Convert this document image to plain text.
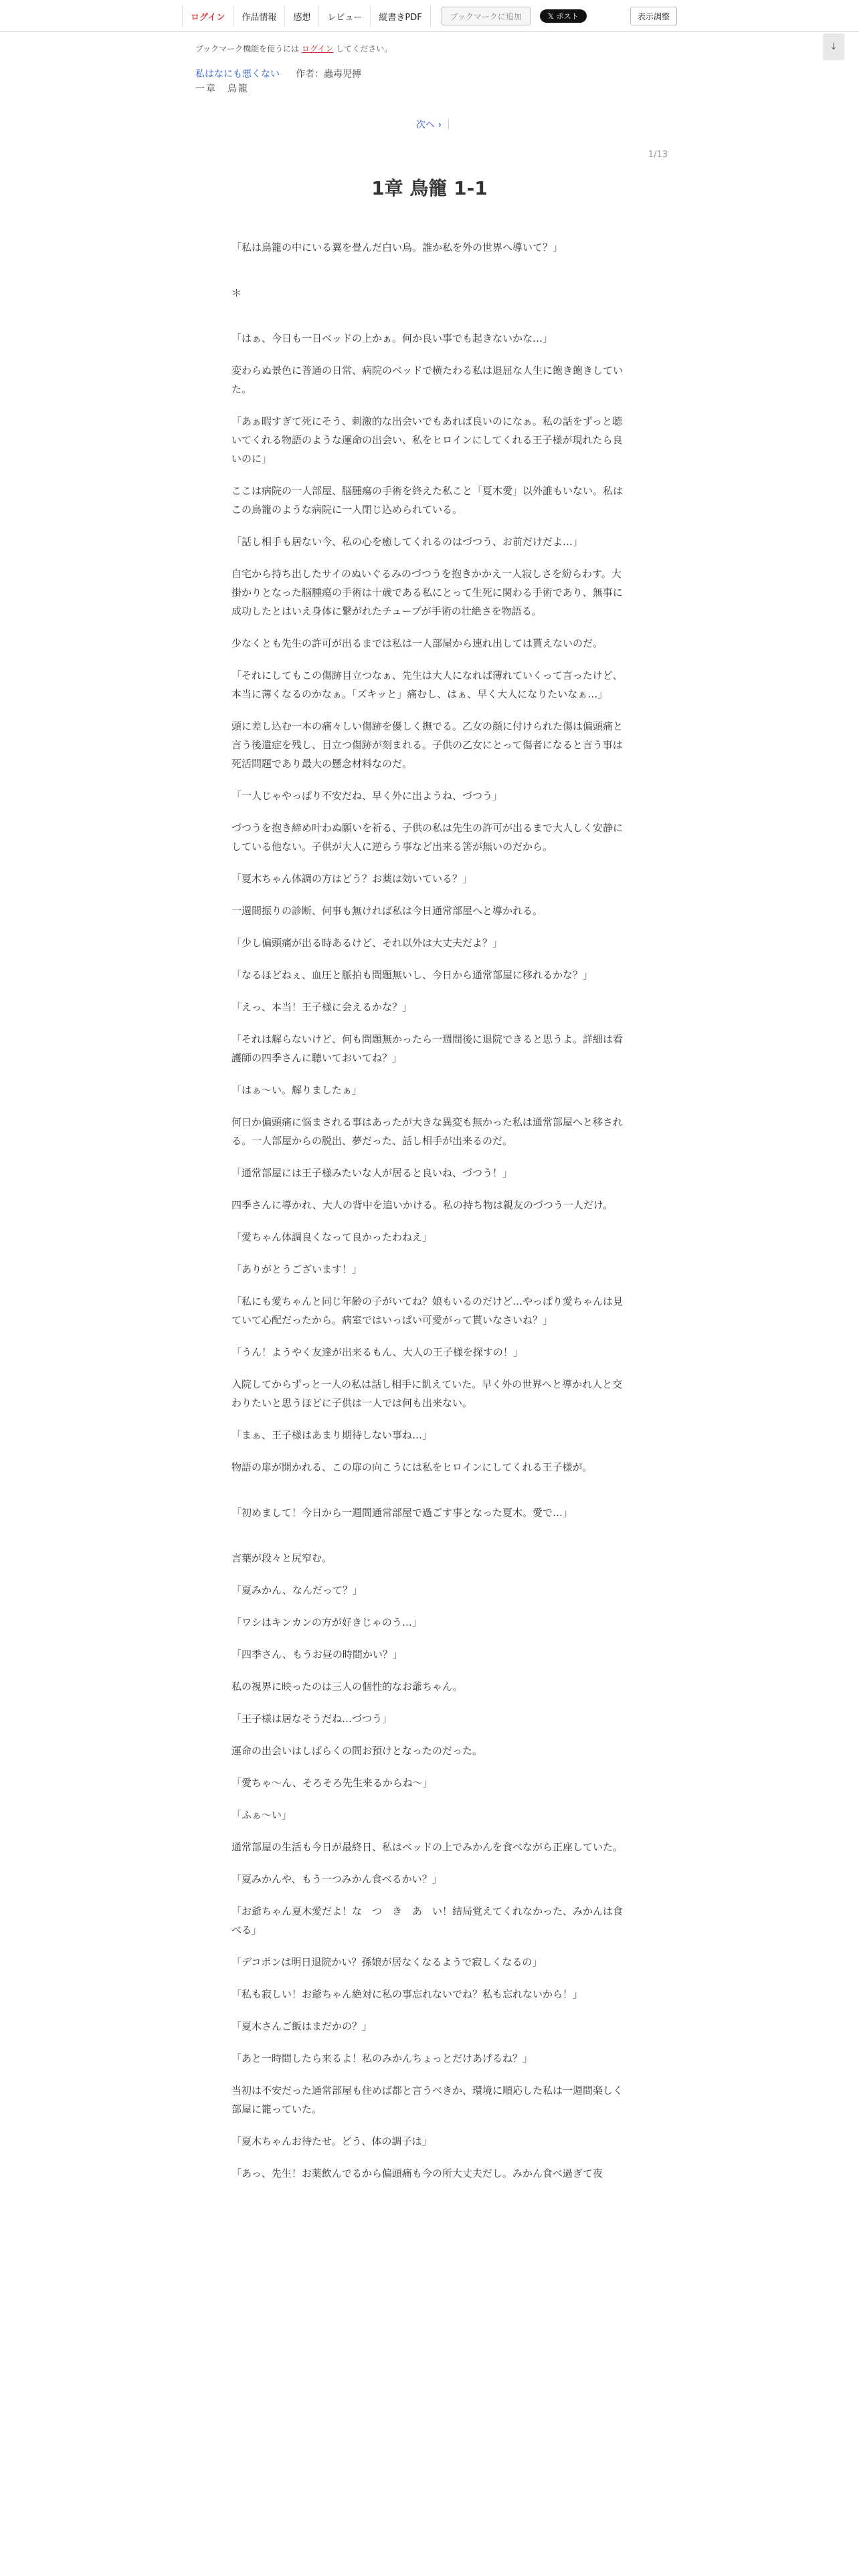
ログイン	作品情報	感想	レビュー	縦書きPDF	ブックマークに追加	𝕏 ポスト	表示調整
↓
ブックマーク機能を使うには ログイン してください。
私はなにも悪くない 作者：蟲毒児搏
一章　鳥籠
次へ ›
1/13
1章 鳥籠 1-1

「私は鳥籠の中にいる翼を畳んだ白い鳥。誰か私を外の世界へ導いて？」

＊

「はぁ、今日も一日ベッドの上かぁ。何か良い事でも起きないかな…」

変わらぬ景色に普通の日常、病院のベッドで横たわる私は退屈な人生に飽き飽きしていた。

「あぁ暇すぎて死にそう、刺激的な出会いでもあれば良いのになぁ。私の話をずっと聴いてくれる物語のような運命の出会い、私をヒロインにしてくれる王子様が現れたら良いのに」

ここは病院の一人部屋、脳腫瘍の手術を終えた私こと「夏木愛」以外誰もいない。私はこの鳥籠のような病院に一人閉じ込められている。

「話し相手も居ない今、私の心を癒してくれるのはづつう、お前だけだよ…」

自宅から持ち出したサイのぬいぐるみのづつうを抱きかかえ一人寂しさを紛らわす。大掛かりとなった脳腫瘍の手術は十歳である私にとって生死に関わる手術であり、無事に成功したとはいえ身体に繋がれたチューブが手術の壮絶さを物語る。

少なくとも先生の許可が出るまでは私は一人部屋から連れ出しては貰えないのだ。

「それにしてもこの傷跡目立つなぁ、先生は大人になれば薄れていくって言ったけど、本当に薄くなるのかなぁ。「ズキッと」痛むし、はぁ、早く大人になりたいなぁ…」

頭に差し込む一本の痛々しい傷跡を優しく撫でる。乙女の顔に付けられた傷は偏頭痛と言う後遺症を残し、目立つ傷跡が刻まれる。子供の乙女にとって傷者になると言う事は死活問題であり最大の懸念材料なのだ。

「一人じゃやっぱり不安だね、早く外に出ようね、づつう」

づつうを抱き締め叶わぬ願いを祈る、子供の私は先生の許可が出るまで大人しく安静にしている他ない。子供が大人に逆らう事など出来る筈が無いのだから。

「夏木ちゃん体調の方はどう？お薬は効いている？」

一週間振りの診断、何事も無ければ私は今日通常部屋へと導かれる。

「少し偏頭痛が出る時あるけど、それ以外は大丈夫だよ？」

「なるほどねぇ、血圧と脈拍も問題無いし、今日から通常部屋に移れるかな？」

「えっ、本当！王子様に会えるかな？」

「それは解らないけど、何も問題無かったら一週間後に退院できると思うよ。詳細は看護師の四季さんに聴いておいてね？」

「はぁ～い。解りましたぁ」

何日か偏頭痛に悩まされる事はあったが大きな異変も無かった私は通常部屋へと移される。一人部屋からの脱出、夢だった、話し相手が出来るのだ。

「通常部屋には王子様みたいな人が居ると良いね、づつう！」

四季さんに導かれ、大人の背中を追いかける。私の持ち物は親友のづつう一人だけ。

「愛ちゃん体調良くなって良かったわねえ」

「ありがとうございます！」

「私にも愛ちゃんと同じ年齢の子がいてね？娘もいるのだけど…やっぱり愛ちゃんは見ていて心配だったから。病室ではいっぱい可愛がって貰いなさいね？」

「うん！ようやく友達が出来るもん、大人の王子様を探すの！」

入院してからずっと一人の私は話し相手に飢えていた。早く外の世界へと導かれ人と交わりたいと思うほどに子供は一人では何も出来ない。

「まぁ、王子様はあまり期待しない事ね…」

物語の扉が開かれる、この扉の向こうには私をヒロインにしてくれる王子様が。

「初めまして！今日から一週間通常部屋で過ごす事となった夏木。愛で…」

言葉が段々と尻窄む。

「夏みかん、なんだって？」

「ワシはキンカンの方が好きじゃのう…」

「四季さん、もうお昼の時間かい？」

私の視界に映ったのは三人の個性的なお爺ちゃん。

「王子様は居なそうだね…づつう」

運命の出会いはしばらくの間お預けとなったのだった。

「愛ちゃ～ん、そろそろ先生来るからね～」

「ふぁ～い」

通常部屋の生活も今日が最終日、私はベッドの上でみかんを食べながら正座していた。

「夏みかんや、もう一つみかん食べるかい？」

「お爺ちゃん夏木愛だよ！な　つ　き　あ　い！結局覚えてくれなかった、みかんは食べる」

「デコポンは明日退院かい？孫娘が居なくなるようで寂しくなるの」

「私も寂しい！お爺ちゃん絶対に私の事忘れないでね？私も忘れないから！」

「夏木さんご飯はまだかの？」

「あと一時間したら来るよ！私のみかんちょっとだけあげるね？」

当初は不安だった通常部屋も住めば都と言うべきか、環境に順応した私は一週間楽しく部屋に籠っていた。

「夏木ちゃんお待たせ。どう、体の調子は」

「あっ、先生！お薬飲んでるから偏頭痛も今の所大丈夫だし。みかん食べ過ぎて夜
